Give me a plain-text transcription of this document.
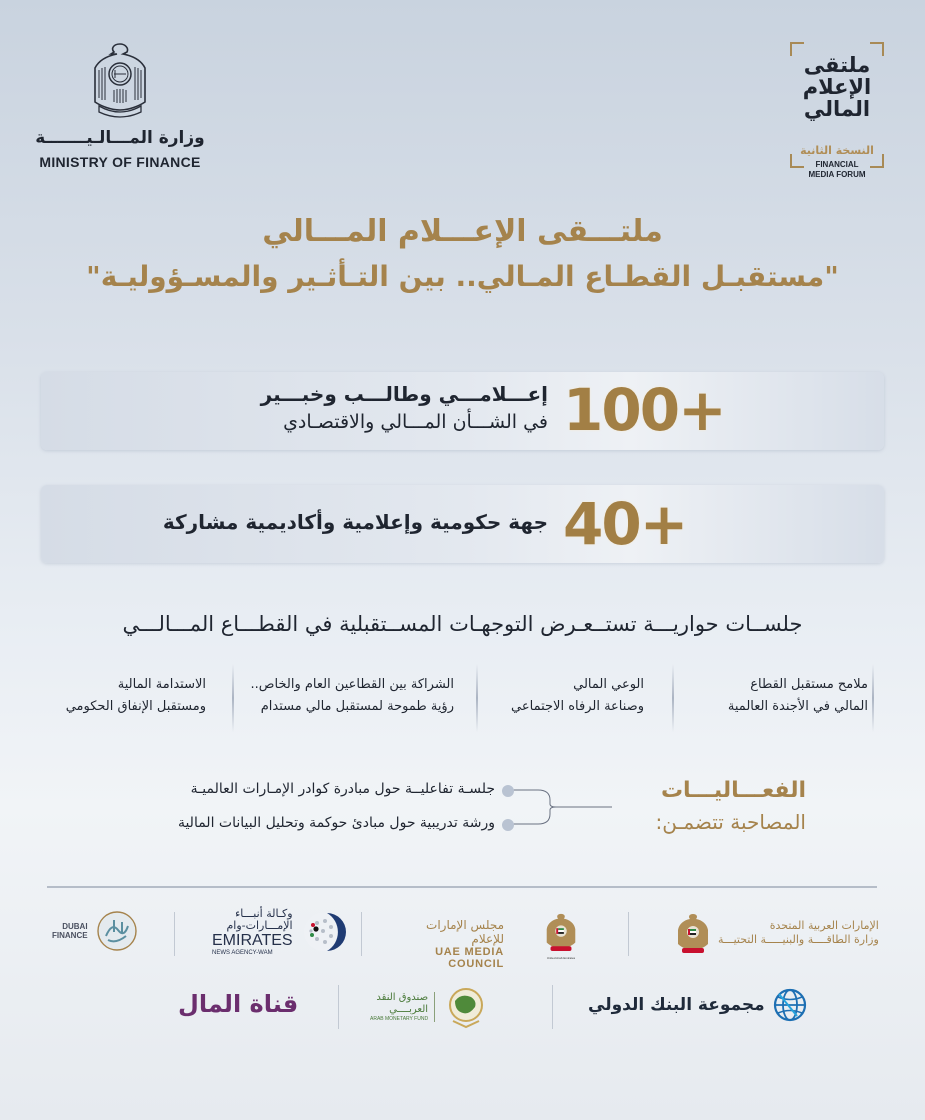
وزارة المـــالـيـــــــة
MINISTRY OF FINANCE
ملتقى
الإعلام
المالي
النسخة الثانية
FINANCIAL
MEDIA FORUM
ملتـــقى الإعـــلام المـــالي
"مستقبـل القطـاع المـالي.. بين التـأثـير والمسـؤوليـة"
100+
إعـــلامـــي وطالـــب وخبـــير
في الشـــأن المـــالي والاقتصـادي
40+
جهة حكومية وإعلامية وأكاديمية مشاركة
جلســات حواريـــة تستــعـرض التوجهـات المســتقبلية في القطـــاع المـــالـــي
ملامح مستقبل القطاع
المالي في الأجندة العالمية
الوعي المالي
وصناعة الرفاه الاجتماعي
الشراكة بين القطاعين العام والخاص..
رؤية طموحة لمستقبل مالي مستدام
الاستدامة المالية
ومستقبل الإنفاق الحكومي
الفعـــاليـــات
المصاحبة تتضمـن:
جلسـة تفاعليــة حول مبادرة كوادر الإمـارات العالميـة
ورشة تدريبية حول مبادئ حوكمة وتحليل البيانات المالية
الإمارات العربية المتحدة
وزارة الطاقــــة والبنيـــــة التحتيـــة
United Arab Emirates
مجلس الإمارات للإعلام
UAE MEDIA COUNCIL
وكـالة أنبـــاء
الإمـــارات-وام
EMIRATES
NEWS AGENCY-WAM
DUBAI
FINANCE
مجموعة البنك الدولي
صندوق النقد
العربــــي
ARAB MONETARY FUND
قناة المال
